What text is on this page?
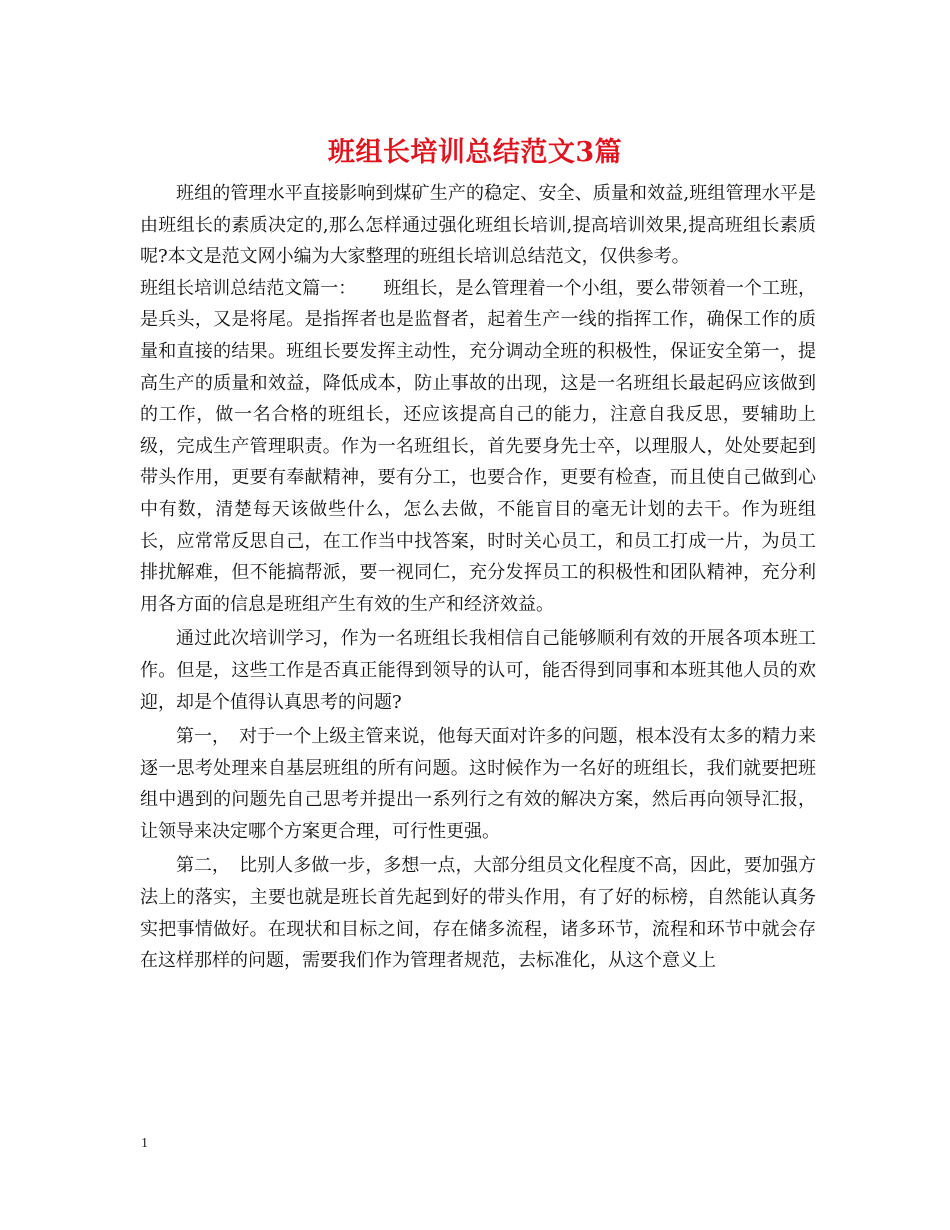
班组长培训总结范文3篇

班组的管理水平直接影响到煤矿生产的稳定、安全、质量和效益,班组管理水平是由班组长的素质决定的,那么怎样通过强化班组长培训,提高培训效果,提高班组长素质呢?本文是范文网小编为大家整理的班组长培训总结范文，仅供参考。

班组长培训总结范文篇一：　　班组长，是么管理着一个小组，要么带领着一个工班，是兵头，又是将尾。是指挥者也是监督者，起着生产一线的指挥工作，确保工作的质量和直接的结果。班组长要发挥主动性，充分调动全班的积极性，保证安全第一，提高生产的质量和效益，降低成本，防止事故的出现，这是一名班组长最起码应该做到的工作，做一名合格的班组长，还应该提高自己的能力，注意自我反思，要辅助上级，完成生产管理职责。作为一名班组长，首先要身先士卒，以理服人，处处要起到带头作用，更要有奉献精神，要有分工，也要合作，更要有检查，而且使自己做到心中有数，清楚每天该做些什么，怎么去做，不能盲目的毫无计划的去干。作为班组长，应常常反思自己，在工作当中找答案，时时关心员工，和员工打成一片，为员工排扰解难，但不能搞帮派，要一视同仁，充分发挥员工的积极性和团队精神，充分利用各方面的信息是班组产生有效的生产和经济效益。

通过此次培训学习，作为一名班组长我相信自己能够顺利有效的开展各项本班工作。但是，这些工作是否真正能得到领导的认可，能否得到同事和本班其他人员的欢迎，却是个值得认真思考的问题?

第一，　对于一个上级主管来说，他每天面对许多的问题，根本没有太多的精力来逐一思考处理来自基层班组的所有问题。这时候作为一名好的班组长，我们就要把班组中遇到的问题先自己思考并提出一系列行之有效的解决方案，然后再向领导汇报，让领导来决定哪个方案更合理，可行性更强。

第二，　比别人多做一步，多想一点，大部分组员文化程度不高，因此，要加强方法上的落实，主要也就是班长首先起到好的带头作用，有了好的标榜，自然能认真务实把事情做好。在现状和目标之间，存在储多流程，诸多环节，流程和环节中就会存在这样那样的问题，需要我们作为管理者规范，去标准化，从这个意义上

1
